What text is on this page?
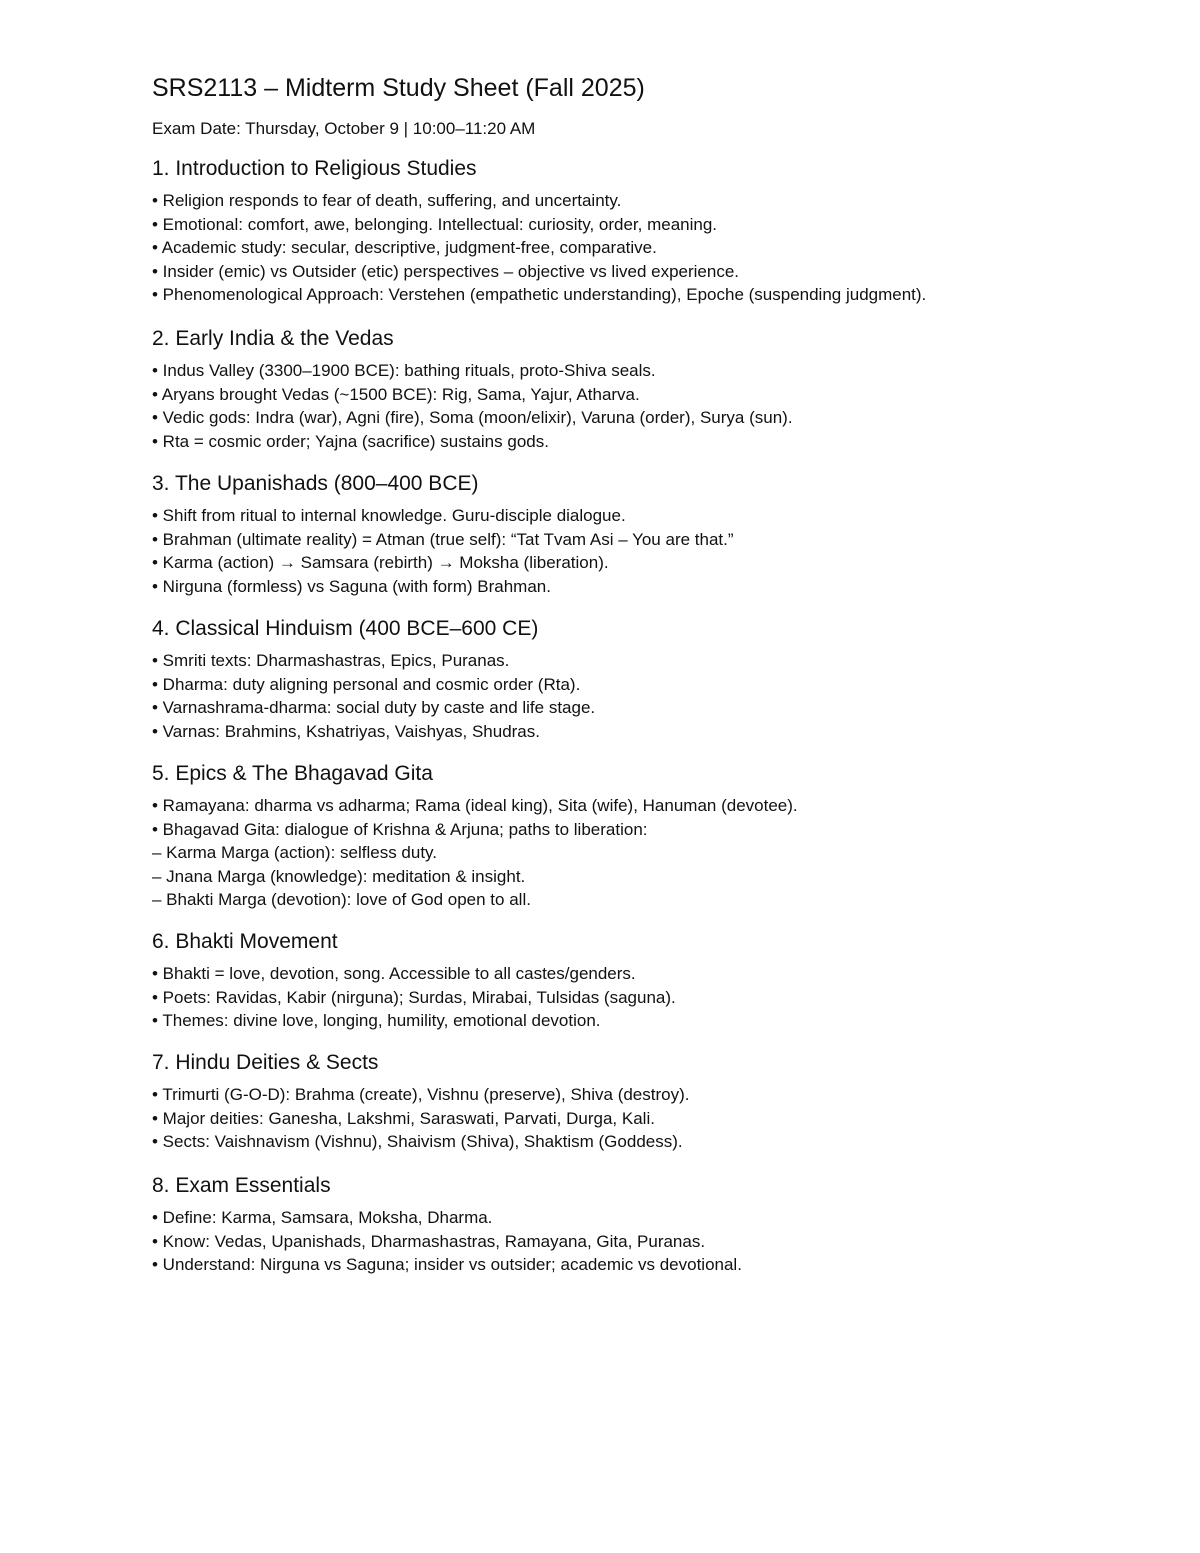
SRS2113 – Midterm Study Sheet (Fall 2025)

Exam Date: Thursday, October 9 | 10:00–11:20 AM

1. Introduction to Religious Studies
• Religion responds to fear of death, suffering, and uncertainty.
• Emotional: comfort, awe, belonging. Intellectual: curiosity, order, meaning.
• Academic study: secular, descriptive, judgment-free, comparative.
• Insider (emic) vs Outsider (etic) perspectives – objective vs lived experience.
• Phenomenological Approach: Verstehen (empathetic understanding), Epoche (suspending judgment).
2. Early India & the Vedas
• Indus Valley (3300–1900 BCE): bathing rituals, proto-Shiva seals.
• Aryans brought Vedas (~1500 BCE): Rig, Sama, Yajur, Atharva.
• Vedic gods: Indra (war), Agni (fire), Soma (moon/elixir), Varuna (order), Surya (sun).
• Rta = cosmic order; Yajna (sacrifice) sustains gods.
3. The Upanishads (800–400 BCE)
• Shift from ritual to internal knowledge. Guru-disciple dialogue.
• Brahman (ultimate reality) = Atman (true self): “Tat Tvam Asi – You are that.”
• Karma (action) → Samsara (rebirth) → Moksha (liberation).
• Nirguna (formless) vs Saguna (with form) Brahman.
4. Classical Hinduism (400 BCE–600 CE)
• Smriti texts: Dharmashastras, Epics, Puranas.
• Dharma: duty aligning personal and cosmic order (Rta).
• Varnashrama-dharma: social duty by caste and life stage.
• Varnas: Brahmins, Kshatriyas, Vaishyas, Shudras.
5. Epics & The Bhagavad Gita
• Ramayana: dharma vs adharma; Rama (ideal king), Sita (wife), Hanuman (devotee).
• Bhagavad Gita: dialogue of Krishna & Arjuna; paths to liberation:
– Karma Marga (action): selfless duty.
– Jnana Marga (knowledge): meditation & insight.
– Bhakti Marga (devotion): love of God open to all.
6. Bhakti Movement
• Bhakti = love, devotion, song. Accessible to all castes/genders.
• Poets: Ravidas, Kabir (nirguna); Surdas, Mirabai, Tulsidas (saguna).
• Themes: divine love, longing, humility, emotional devotion.
7. Hindu Deities & Sects
• Trimurti (G-O-D): Brahma (create), Vishnu (preserve), Shiva (destroy).
• Major deities: Ganesha, Lakshmi, Saraswati, Parvati, Durga, Kali.
• Sects: Vaishnavism (Vishnu), Shaivism (Shiva), Shaktism (Goddess).
8. Exam Essentials
• Define: Karma, Samsara, Moksha, Dharma.
• Know: Vedas, Upanishads, Dharmashastras, Ramayana, Gita, Puranas.
• Understand: Nirguna vs Saguna; insider vs outsider; academic vs devotional.
